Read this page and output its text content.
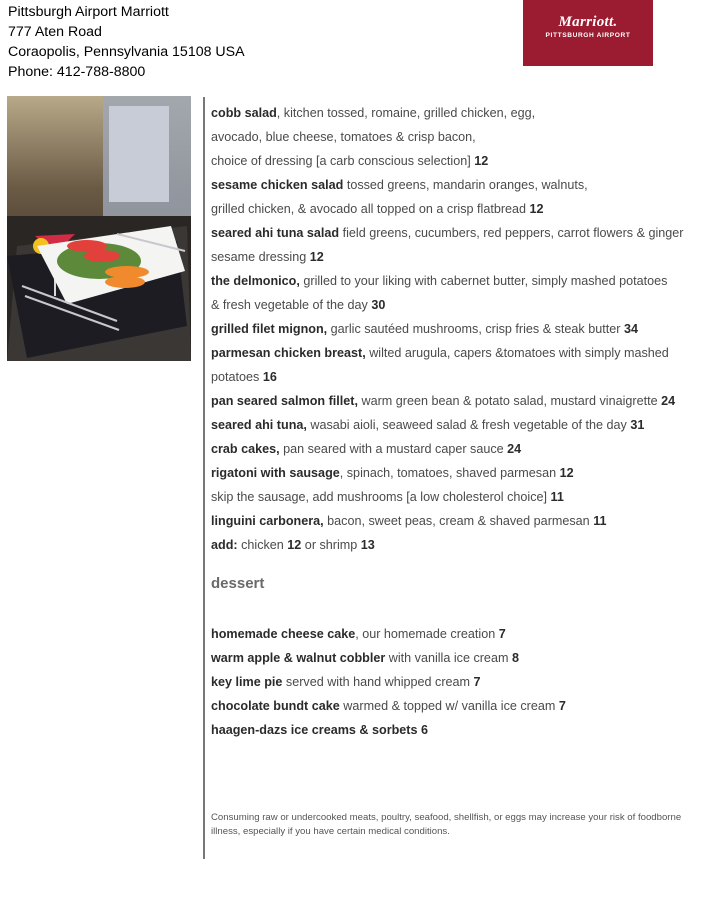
Pittsburgh Airport Marriott
777 Aten Road
Coraopolis, Pennsylvania 15108 USA
Phone: 412-788-8800
Marriott.
PITTSBURGH AIRPORT
cobb salad, kitchen tossed, romaine, grilled chicken, egg,
avocado, blue cheese, tomatoes & crisp bacon,
choice of dressing [a carb conscious selection] 12
sesame chicken salad tossed greens, mandarin oranges, walnuts,
grilled chicken, & avocado all topped on a crisp flatbread 12
seared ahi tuna salad field greens, cucumbers, red peppers, carrot flowers & ginger
sesame dressing 12
the delmonico, grilled to your liking with cabernet butter, simply mashed potatoes
& fresh vegetable of the day 30
grilled filet mignon, garlic sautéed mushrooms, crisp fries & steak butter 34
parmesan chicken breast, wilted arugula, capers &tomatoes with simply mashed
potatoes 16
pan seared salmon fillet, warm green bean & potato salad, mustard vinaigrette 24
seared ahi tuna, wasabi aioli, seaweed salad & fresh vegetable of the day 31
crab cakes, pan seared with a mustard caper sauce 24
rigatoni with sausage, spinach, tomatoes, shaved parmesan 12
skip the sausage, add mushrooms [a low cholesterol choice] 11
linguini carbonera, bacon, sweet peas, cream & shaved parmesan 11
add: chicken 12 or shrimp 13
dessert
homemade cheese cake, our homemade creation 7
warm apple & walnut cobbler with vanilla ice cream 8
key lime pie served with hand whipped cream 7
chocolate bundt cake warmed & topped w/ vanilla ice cream 7
haagen-dazs ice creams & sorbets 6
Consuming raw or undercooked meats, poultry, seafood, shellfish, or eggs may increase your risk of foodborne illness, especially if you have certain medical conditions.
